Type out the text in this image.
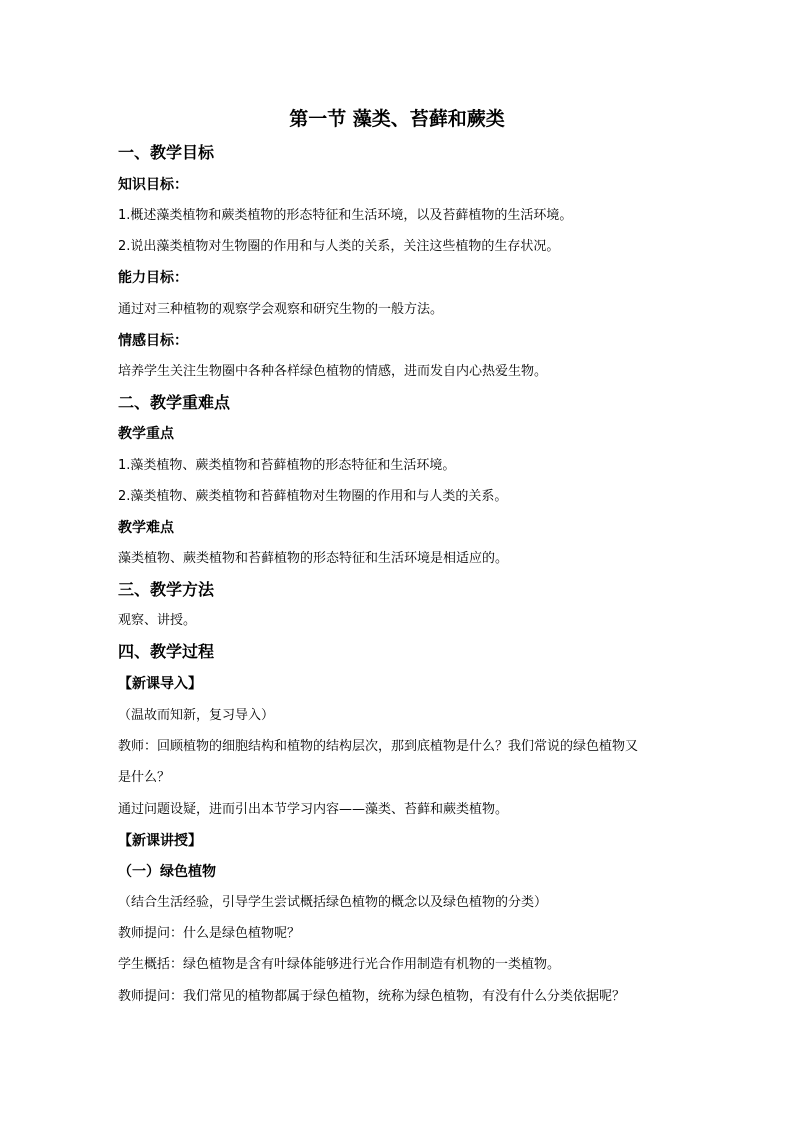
第一节 藻类、苔藓和蕨类
一、教学目标
知识目标：
1.概述藻类植物和蕨类植物的形态特征和生活环境，以及苔藓植物的生活环境。
2.说出藻类植物对生物圈的作用和与人类的关系，关注这些植物的生存状况。
能力目标：
通过对三种植物的观察学会观察和研究生物的一般方法。
情感目标：
培养学生关注生物圈中各种各样绿色植物的情感，进而发自内心热爱生物。
二、教学重难点
教学重点
1.藻类植物、蕨类植物和苔藓植物的形态特征和生活环境。
2.藻类植物、蕨类植物和苔藓植物对生物圈的作用和与人类的关系。
教学难点
藻类植物、蕨类植物和苔藓植物的形态特征和生活环境是相适应的。
三、教学方法
观察、讲授。
四、教学过程
【新课导入】
（温故而知新，复习导入）
教师：回顾植物的细胞结构和植物的结构层次，那到底植物是什么？我们常说的绿色植物又
是什么？
通过问题设疑，进而引出本节学习内容——藻类、苔藓和蕨类植物。
【新课讲授】
（一）绿色植物
（结合生活经验，引导学生尝试概括绿色植物的概念以及绿色植物的分类）
教师提问：什么是绿色植物呢？
学生概括：绿色植物是含有叶绿体能够进行光合作用制造有机物的一类植物。
教师提问：我们常见的植物都属于绿色植物，统称为绿色植物，有没有什么分类依据呢？
